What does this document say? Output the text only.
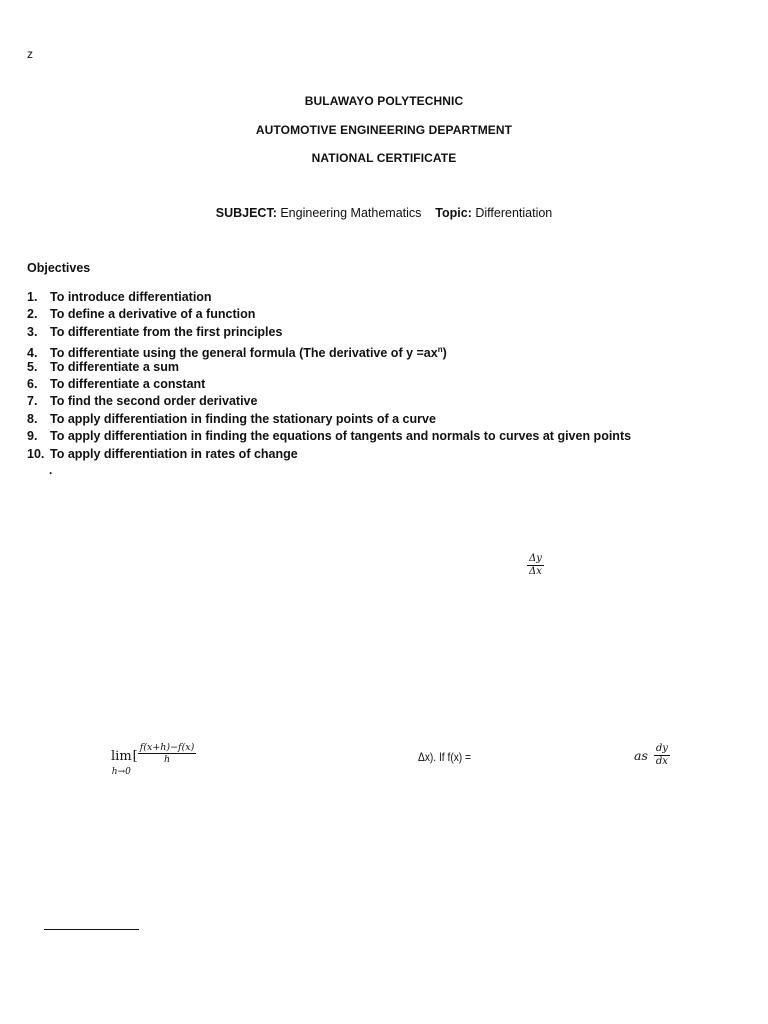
z
BULAWAYO POLYTECHNIC
AUTOMOTIVE ENGINEERING DEPARTMENT
NATIONAL CERTIFICATE
SUBJECT: Engineering Mathematics Topic: Differentiation
Objectives
1. To introduce differentiation
2. To define a derivative of a function
3. To differentiate from the first principles
4. To differentiate using the general formula (The derivative of $y =ax^n$)
5. To differentiate a sum
6. To differentiate a constant
7. To find the second order derivative
8. To apply differentiation in finding the stationary points of a curve
9. To apply differentiation in finding the equations of tangents and normals to curves at given points
10. To apply differentiation in rates of change
.
$\frac{\Delta y}{\Delta x}$
lim
h→0
[ $\frac{f(x+h)-f(x)}{h}$	Δx). If f(x) =	as $\frac{dy}{dx}$
